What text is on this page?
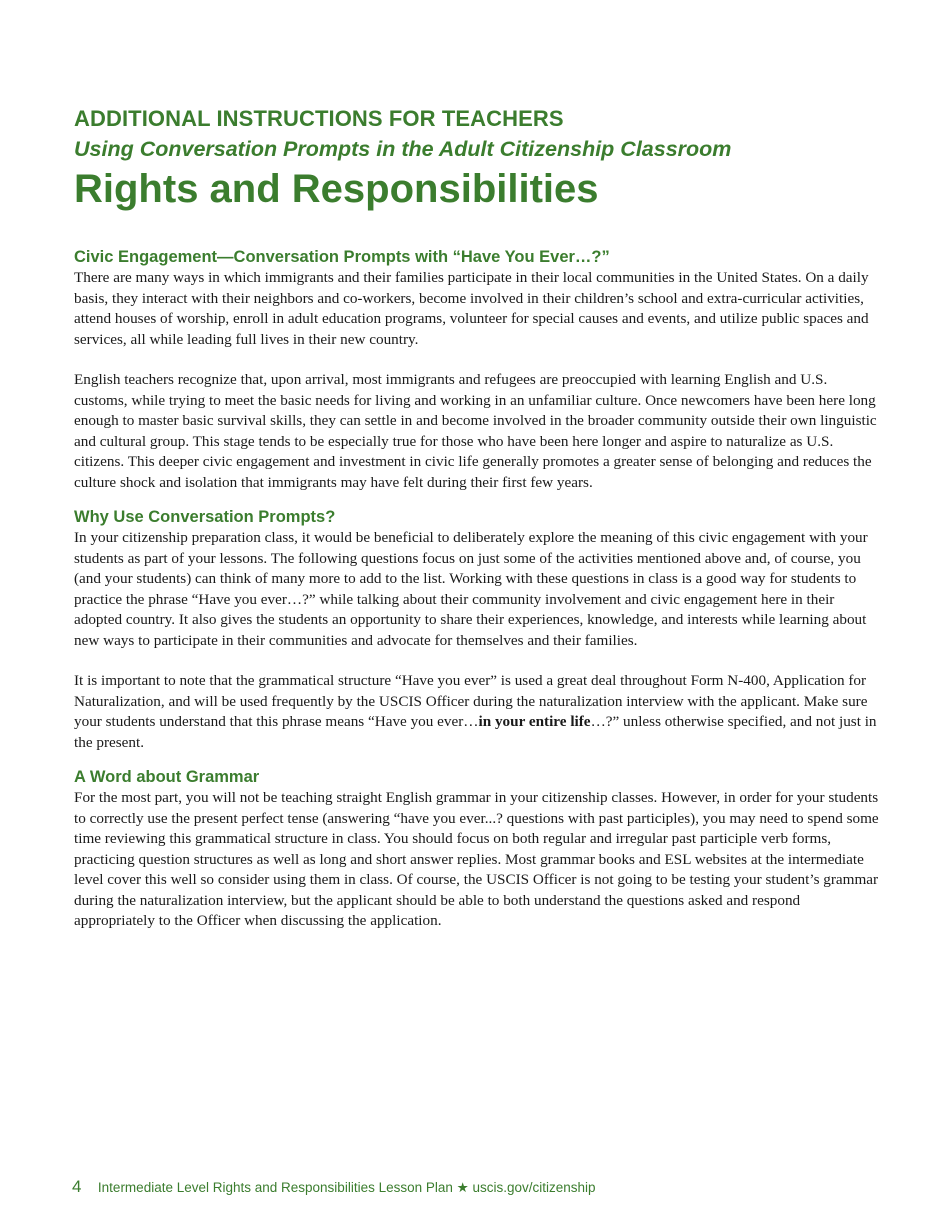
ADDITIONAL INSTRUCTIONS FOR TEACHERS
Using Conversation Prompts in the Adult Citizenship Classroom
Rights and Responsibilities
Civic Engagement—Conversation Prompts with “Have You Ever…?”

There are many ways in which immigrants and their families participate in their local communities in the United States. On a daily basis, they interact with their neighbors and co-workers, become involved in their children’s school and extra-curricular activities, attend houses of worship, enroll in adult education programs, volunteer for special causes and events, and utilize public spaces and services, all while leading full lives in their new country.

English teachers recognize that, upon arrival, most immigrants and refugees are preoccupied with learning English and U.S. customs, while trying to meet the basic needs for living and working in an unfamiliar culture. Once newcomers have been here long enough to master basic survival skills, they can settle in and become involved in the broader community outside their own linguistic and cultural group. This stage tends to be especially true for those who have been here longer and aspire to naturalize as U.S. citizens. This deeper civic engagement and investment in civic life generally promotes a greater sense of belonging and reduces the culture shock and isolation that immigrants may have felt during their first few years.

Why Use Conversation Prompts?

In your citizenship preparation class, it would be beneficial to deliberately explore the meaning of this civic engagement with your students as part of your lessons. The following questions focus on just some of the activities mentioned above and, of course, you (and your students) can think of many more to add to the list. Working with these questions in class is a good way for students to practice the phrase “Have you ever…?” while talking about their community involvement and civic engagement here in their adopted country. It also gives the students an opportunity to share their experiences, knowledge, and interests while learning about new ways to participate in their communities and advocate for themselves and their families.

It is important to note that the grammatical structure “Have you ever” is used a great deal throughout Form N-400, Application for Naturalization, and will be used frequently by the USCIS Officer during the naturalization interview with the applicant. Make sure your students understand that this phrase means “Have you ever…in your entire life…?” unless otherwise specified, and not just in the present.

A Word about Grammar

For the most part, you will not be teaching straight English grammar in your citizenship classes. However, in order for your students to correctly use the present perfect tense (answering “have you ever...? questions with past participles), you may need to spend some time reviewing this grammatical structure in class. You should focus on both regular and irregular past participle verb forms, practicing question structures as well as long and short answer replies. Most grammar books and ESL websites at the intermediate level cover this well so consider using them in class. Of course, the USCIS Officer is not going to be testing your student’s grammar during the naturalization interview, but the applicant should be able to both understand the questions asked and respond appropriately to the Officer when discussing the application.

4 Intermediate Level Rights and Responsibilities Lesson Plan ★ uscis.gov/citizenship
